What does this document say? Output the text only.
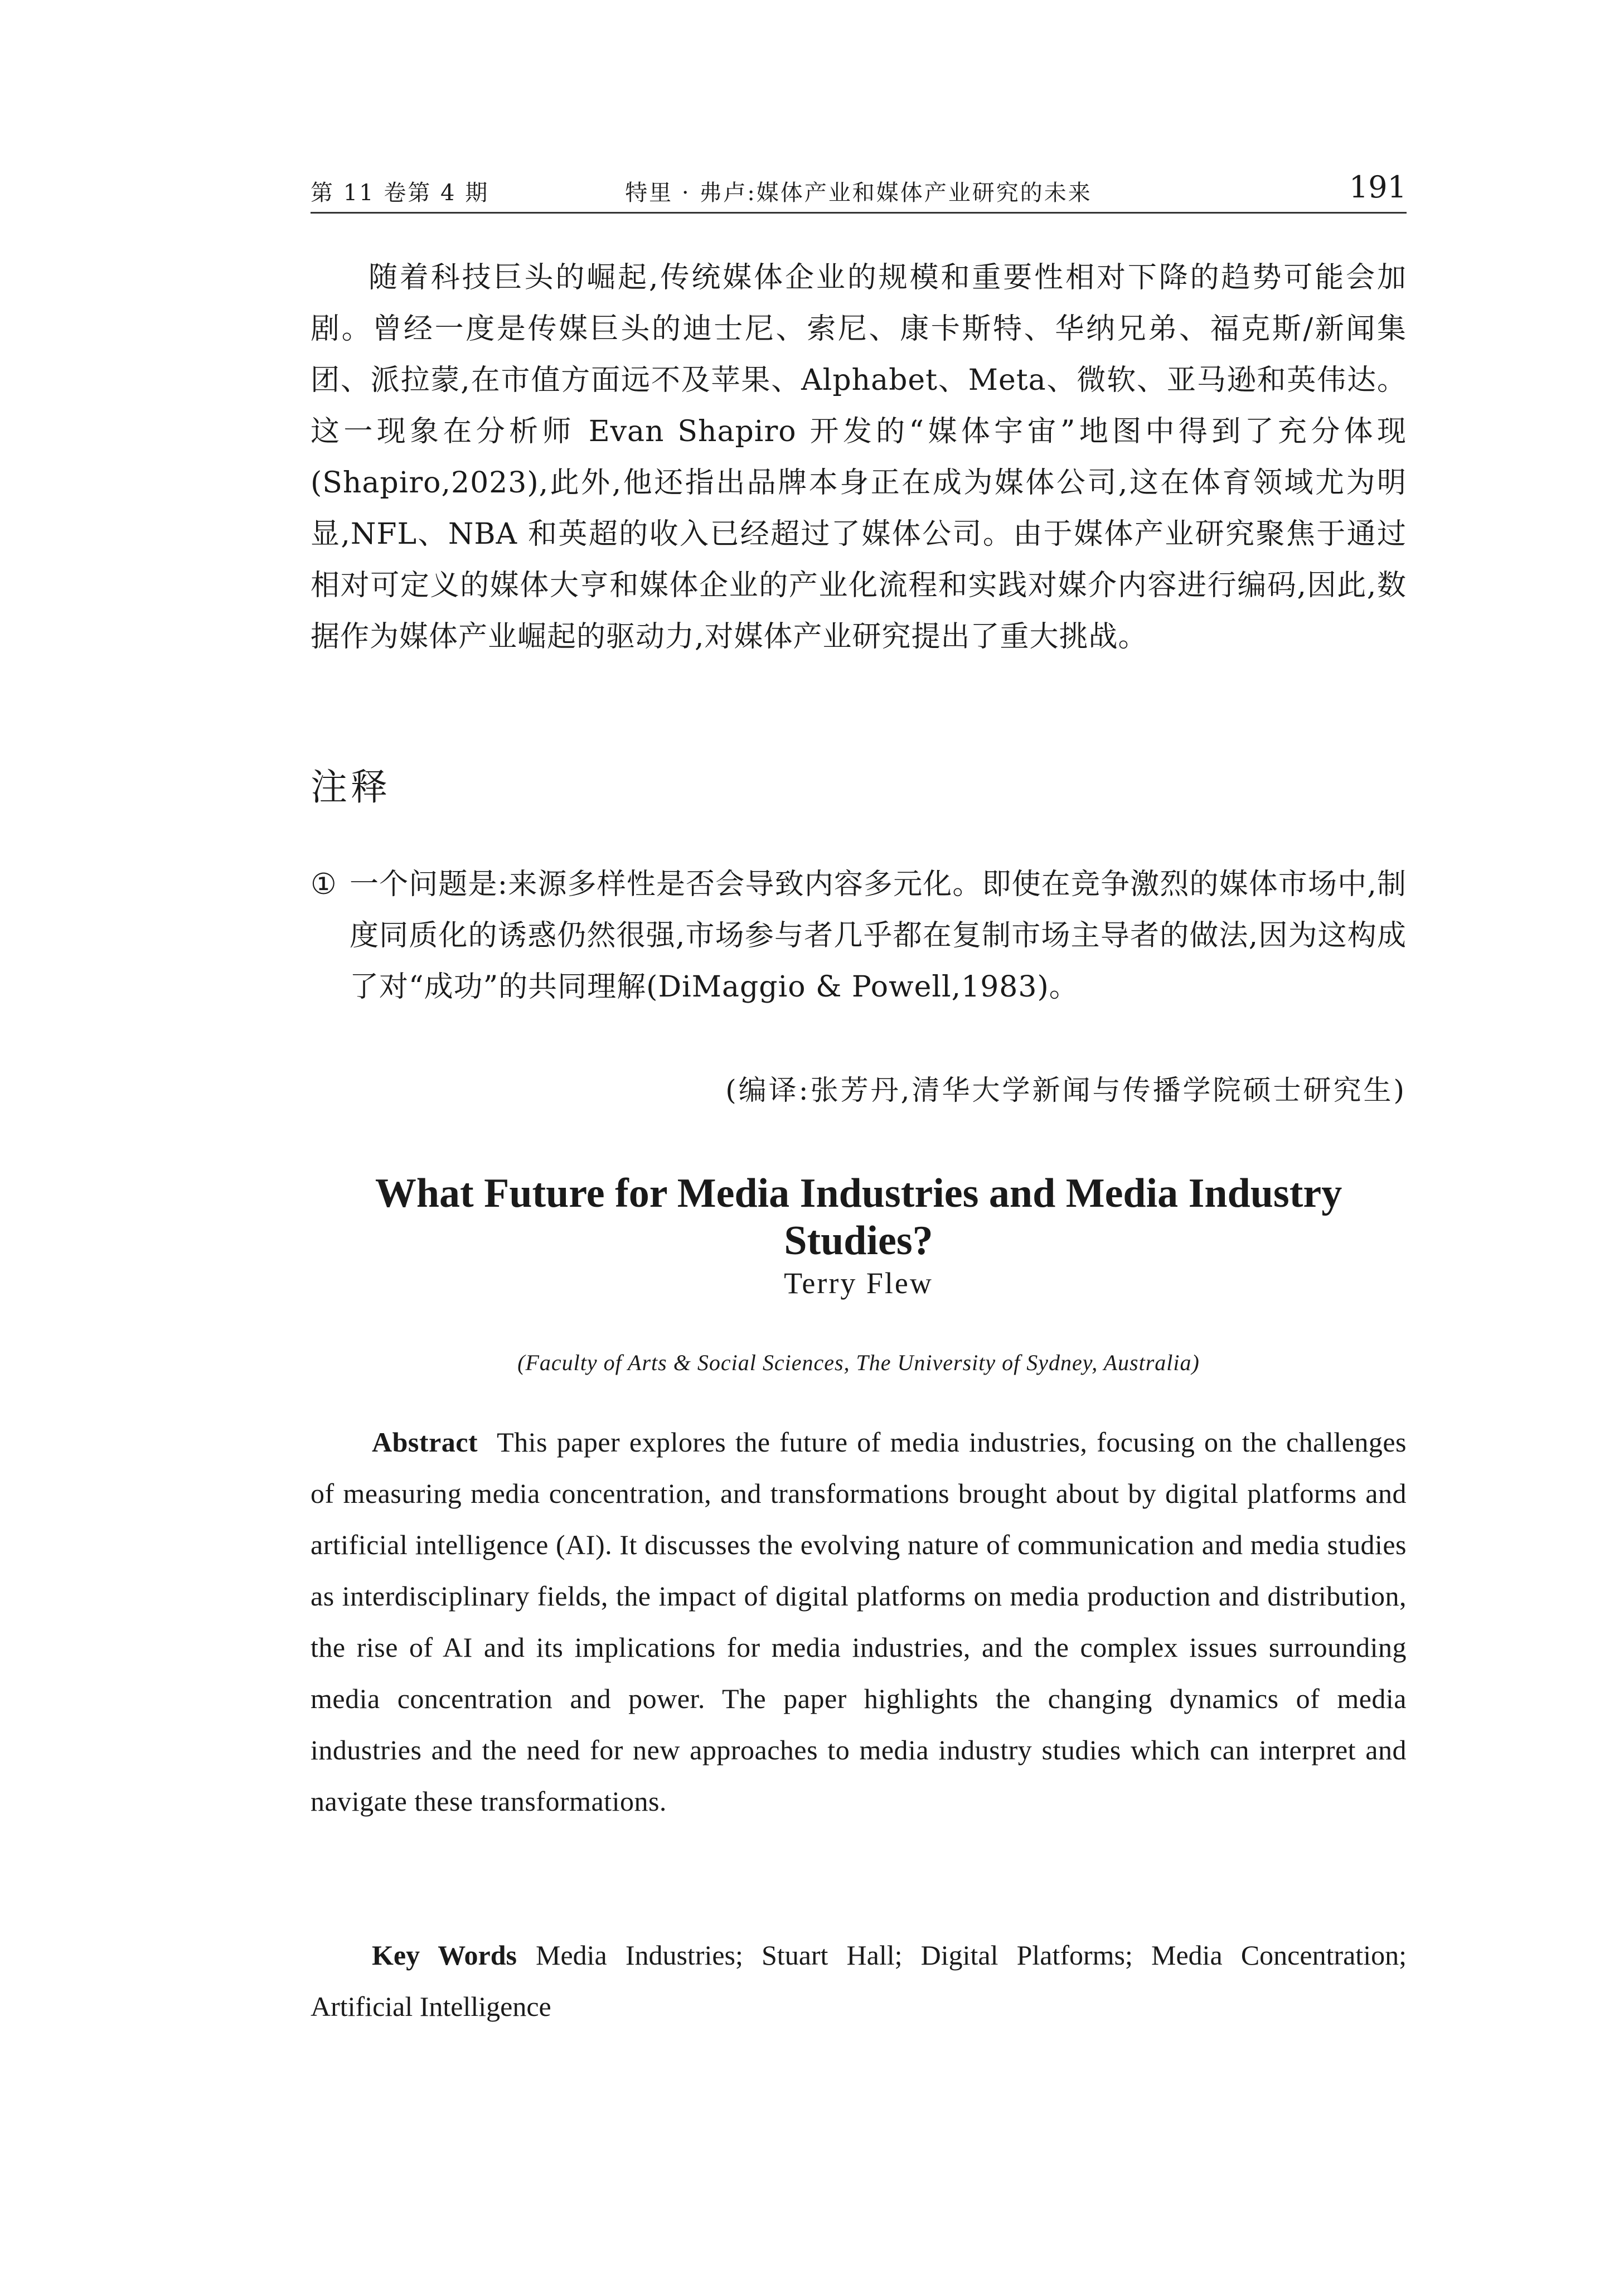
第 11 卷第 4 期	特里 · 弗卢:媒体产业和媒体产业研究的未来	191

随着科技巨头的崛起,传统媒体企业的规模和重要性相对下降的趋势可能会加剧。曾经一度是传媒巨头的迪士尼、索尼、康卡斯特、华纳兄弟、福克斯/新闻集团、派拉蒙,在市值方面远不及苹果、Alphabet、Meta、微软、亚马逊和英伟达。这一现象在分析师 Evan Shapiro 开发的“媒体宇宙”地图中得到了充分体现(Shapiro,2023),此外,他还指出品牌本身正在成为媒体公司,这在体育领域尤为明显,NFL、NBA 和英超的收入已经超过了媒体公司。由于媒体产业研究聚焦于通过相对可定义的媒体大亨和媒体企业的产业化流程和实践对媒介内容进行编码,因此,数据作为媒体产业崛起的驱动力,对媒体产业研究提出了重大挑战。

注释
① 一个问题是:来源多样性是否会导致内容多元化。即使在竞争激烈的媒体市场中,制度同质化的诱惑仍然很强,市场参与者几乎都在复制市场主导者的做法,因为这构成了对“成功”的共同理解(DiMaggio & Powell,1983)。
(编译:张芳丹,清华大学新闻与传播学院硕士研究生)
What Future for Media Industries and Media Industry Studies?
Terry Flew
(Faculty of Arts & Social Sciences, The University of Sydney, Australia)

Abstract This paper explores the future of media industries, focusing on the challenges of measuring media concentration, and transformations brought about by digital platforms and artificial intelligence (AI). It discusses the evolving nature of communication and media studies as interdisciplinary fields, the impact of digital platforms on media production and distribution, the rise of AI and its implications for media industries, and the complex issues surrounding media concentration and power. The paper highlights the changing dynamics of media industries and the need for new approaches to media industry studies which can interpret and navigate these transformations.

Key Words Media Industries; Stuart Hall; Digital Platforms; Media Concentration; Artificial Intelligence
